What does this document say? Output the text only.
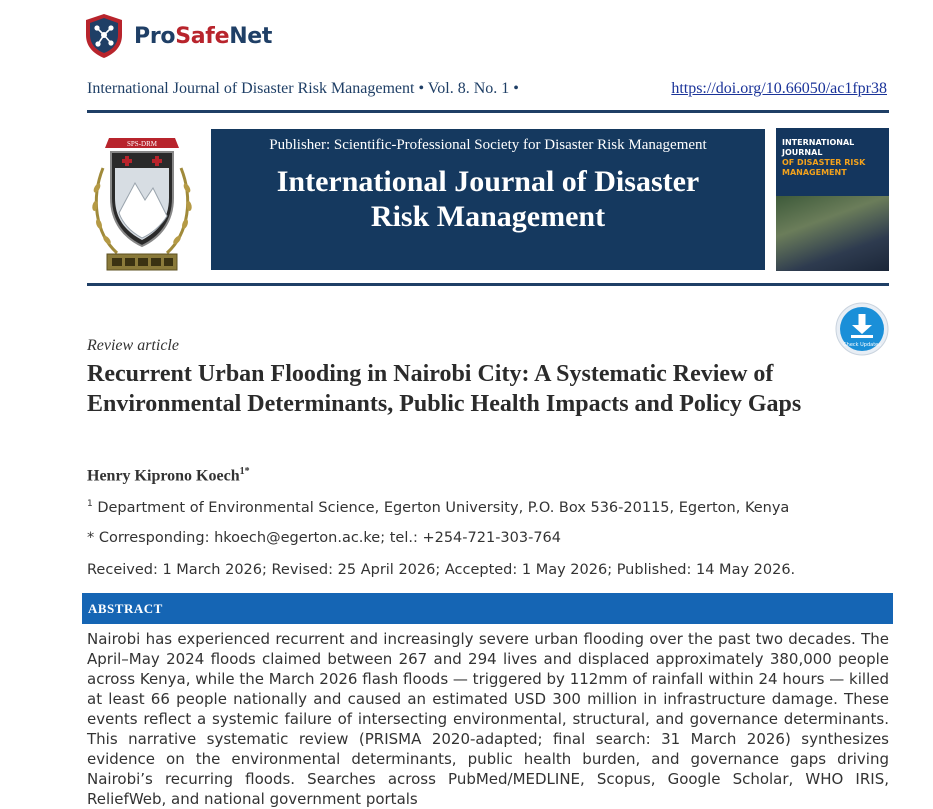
ProSafeNet
International Journal of Disaster Risk Management • Vol. 8. No. 1 •	https://doi.org/10.66050/ac1fpr38
SPS-DRM	Publisher: Scientific-Professional Society for Disaster Risk Management
International Journal of Disaster
Risk Management
INTERNATIONAL JOURNAL
OF DISASTER RISK
MANAGEMENT
Check Updates
Review article
Recurrent Urban Flooding in Nairobi City: A Systematic Review of Environmental Determinants, Public Health Impacts and Policy Gaps
Henry Kiprono Koech$^{1*}$
$^1$ Department of Environmental Science, Egerton University, P.O. Box 536-20115, Egerton, Kenya
* Corresponding: hkoech@egerton.ac.ke; tel.: +254-721-303-764
Received: 1 March 2026; Revised: 25 April 2026; Accepted: 1 May 2026; Published: 14 May 2026.
ABSTRACT
Nairobi has experienced recurrent and increasingly severe urban flooding over the past two decades. The April–May 2024 floods claimed between 267 and 294 lives and displaced approximately 380,000 people across Kenya, while the March 2026 flash floods — triggered by 112mm of rainfall within 24 hours — killed at least 66 people nationally and caused an estimated USD 300 million in infrastructure damage. These events reflect a systemic failure of intersecting environmental, structural, and governance determinants. This narrative systematic review (PRISMA 2020-adapted; final search: 31 March 2026) synthesizes evidence on the environmental determinants, public health burden, and governance gaps driving Nairobi’s recurring floods. Searches across PubMed/MEDLINE, Scopus, Google Scholar, WHO IRIS, ReliefWeb, and national government portals
